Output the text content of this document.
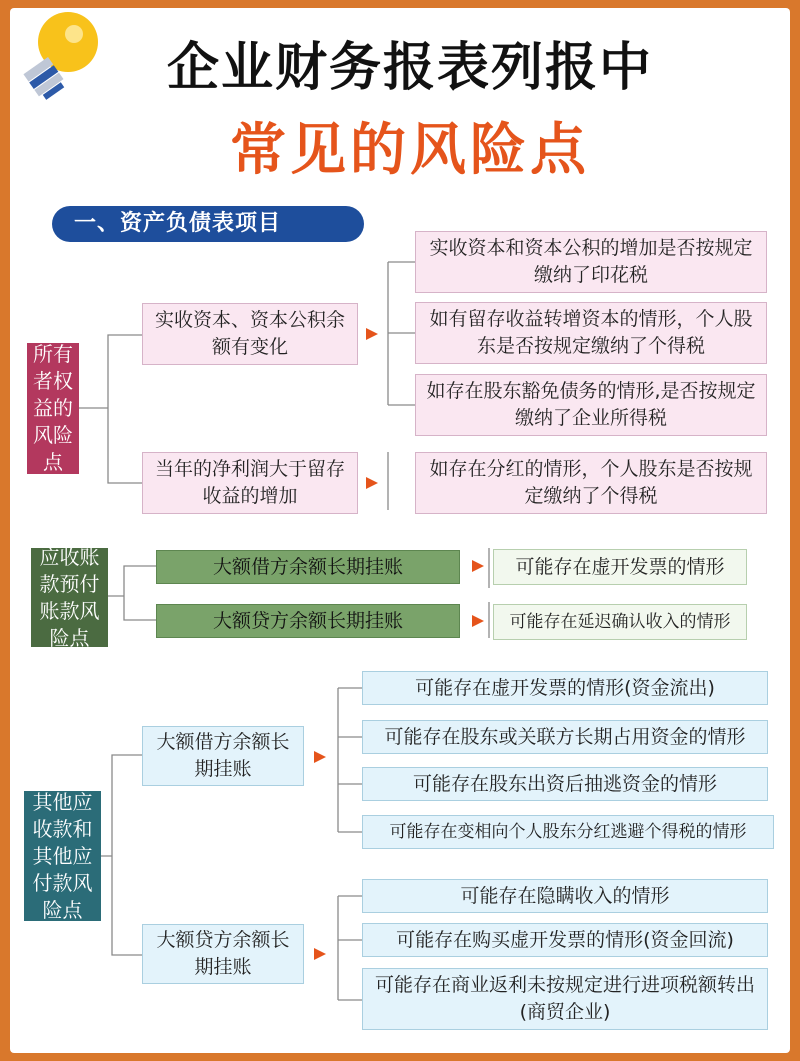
企业财务报表列报中
常见的风险点
一、资产负债表项目
所有
者权
益的
风险
点
实收资本、资本公积余额有变化
当年的净利润大于留存收益的增加
实收资本和资本公积的增加是否按规定缴纳了印花税
如有留存收益转增资本的情形，个人股东是否按规定缴纳了个得税
如存在股东豁免债务的情形,是否按规定缴纳了企业所得税
如存在分红的情形，个人股东是否按规定缴纳了个得税
应收账
款预付
账款风
险点
大额借方余额长期挂账
大额贷方余额长期挂账
可能存在虚开发票的情形
可能存在延迟确认收入的情形
其他应
收款和
其他应
付款风
险点
大额借方余额长期挂账
大额贷方余额长期挂账
可能存在虚开发票的情形(资金流出)
可能存在股东或关联方长期占用资金的情形
可能存在股东出资后抽逃资金的情形
可能存在变相向个人股东分红逃避个得税的情形
可能存在隐瞒收入的情形
可能存在购买虚开发票的情形(资金回流)
可能存在商业返利未按规定进行进项税额转出(商贸企业)
